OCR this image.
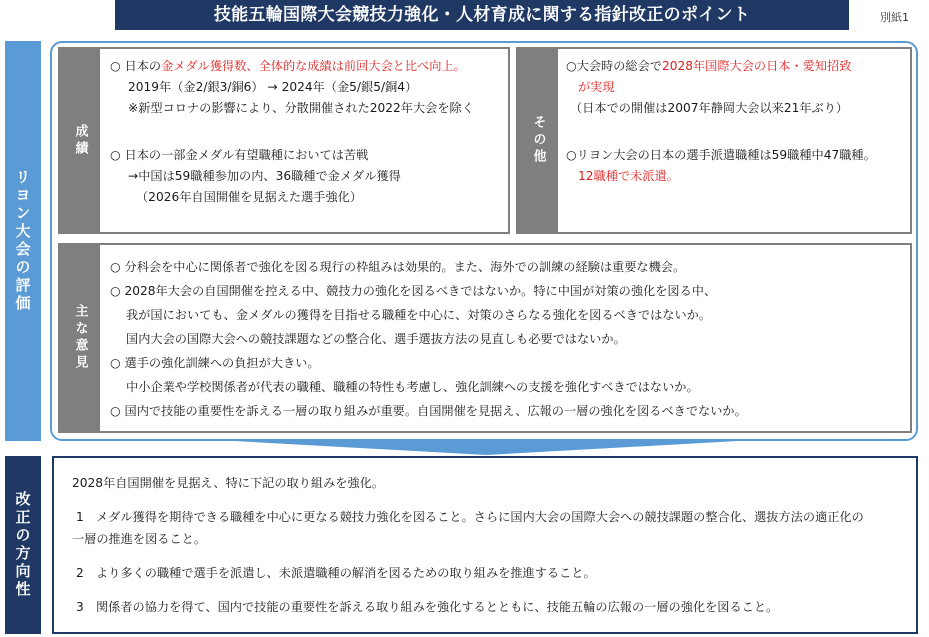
技能五輪国際大会競技力強化・人材育成に関する指針改正のポイント	別紙1
リヨン大会の評価
改正の方向性
成績
○ 日本の金メダル獲得数、全体的な成績は前回大会と比べ向上。
2019年（金2/銀3/銅6） → 2024年（金5/銀5/銅4）
※新型コロナの影響により、分散開催された2022年大会を除く
○ 日本の一部金メダル有望職種においては苦戦
→中国は59職種参加の内、36職種で金メダル獲得
（2026年自国開催を見据えた選手強化）
その他
○大会時の総会で2028年国際大会の日本・愛知招致
が実現
（日本での開催は2007年静岡大会以来21年ぶり）
○リヨン大会の日本の選手派遣職種は59職種中47職種。
12職種で未派遣。
主な意見
○ 分科会を中心に関係者で強化を図る現行の枠組みは効果的。また、海外での訓練の経験は重要な機会。
○ 2028年大会の自国開催を控える中、競技力の強化を図るべきではないか。特に中国が対策の強化を図る中、
　 我が国においても、金メダルの獲得を目指せる職種を中心に、対策のさらなる強化を図るべきではないか。
　 国内大会の国際大会への競技課題などの整合化、選手選抜方法の見直しも必要ではないか。
○ 選手の強化訓練への負担が大きい。
　 中小企業や学校関係者が代表の職種、職種の特性も考慮し、強化訓練への支援を強化すべきではないか。
○ 国内で技能の重要性を訴える一層の取り組みが重要。自国開催を見据え、広報の一層の強化を図るべきでないか。

2028年自国開催を見据え、特に下記の取り組みを強化。

1　メダル獲得を期待できる職種を中心に更なる競技力強化を図ること。さらに国内大会の国際大会への競技課題の整合化、選抜方法の適正化の

一層の推進を図ること。

2　より多くの職種で選手を派遣し、未派遣職種の解消を図るための取り組みを推進すること。

3　関係者の協力を得て、国内で技能の重要性を訴える取り組みを強化するとともに、技能五輪の広報の一層の強化を図ること。
